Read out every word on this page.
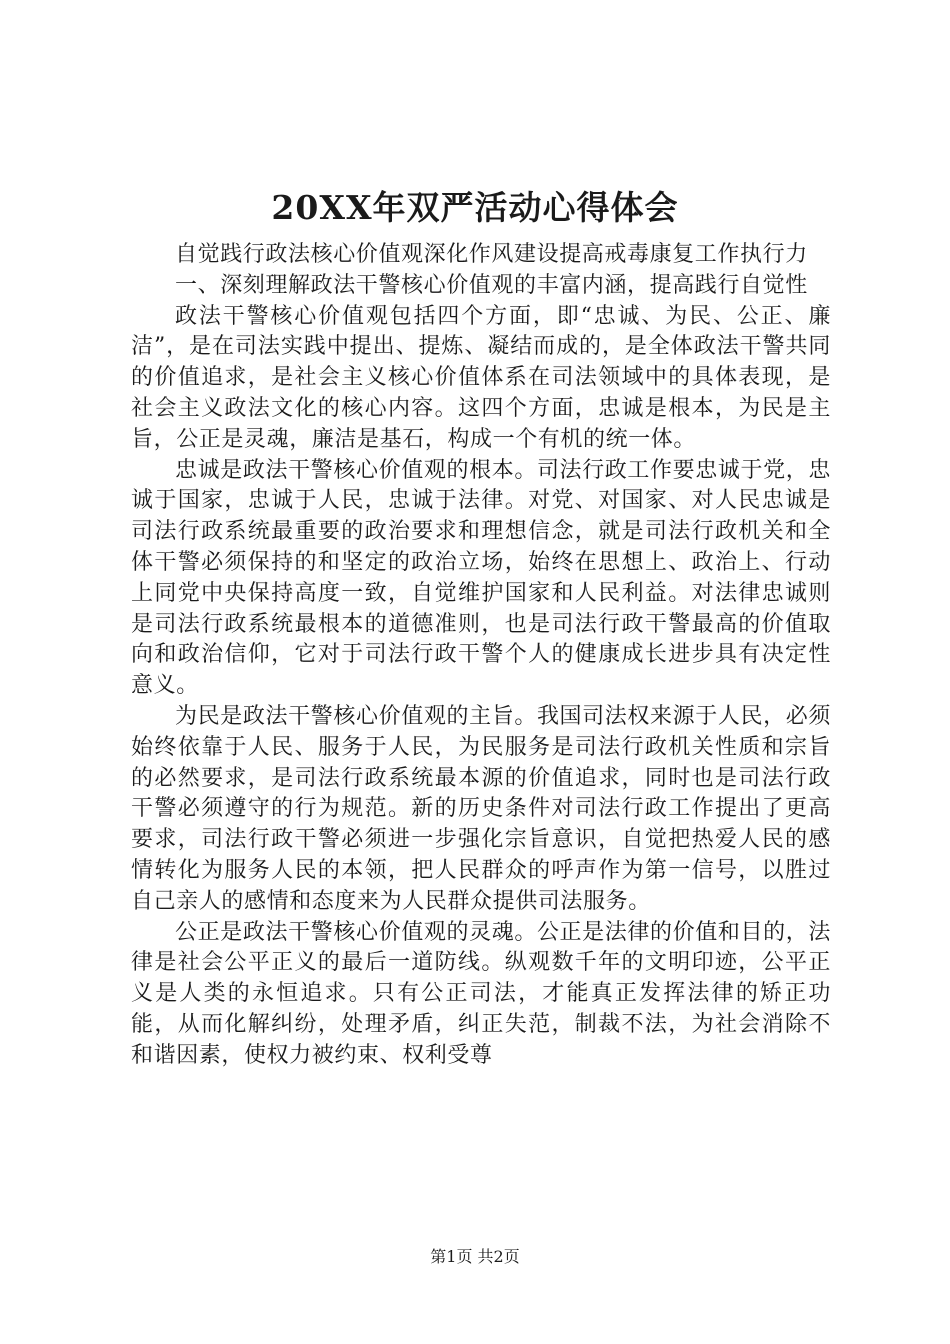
20XX年双严活动心得体会

自觉践行政法核心价值观深化作风建设提高戒毒康复工作执行力

一、深刻理解政法干警核心价值观的丰富内涵，提高践行自觉性

政法干警核心价值观包括四个方面，即“忠诚、为民、公正、廉洁”，是在司法实践中提出、提炼、凝结而成的，是全体政法干警共同的价值追求，是社会主义核心价值体系在司法领域中的具体表现，是社会主义政法文化的核心内容。这四个方面，忠诚是根本，为民是主旨，公正是灵魂，廉洁是基石，构成一个有机的统一体。

忠诚是政法干警核心价值观的根本。司法行政工作要忠诚于党，忠诚于国家，忠诚于人民，忠诚于法律。对党、对国家、对人民忠诚是司法行政系统最重要的政治要求和理想信念，就是司法行政机关和全体干警必须保持的和坚定的政治立场，始终在思想上、政治上、行动上同党中央保持高度一致，自觉维护国家和人民利益。对法律忠诚则是司法行政系统最根本的道德准则，也是司法行政干警最高的价值取向和政治信仰，它对于司法行政干警个人的健康成长进步具有决定性意义。

为民是政法干警核心价值观的主旨。我国司法权来源于人民，必须始终依靠于人民、服务于人民，为民服务是司法行政机关性质和宗旨的必然要求，是司法行政系统最本源的价值追求，同时也是司法行政干警必须遵守的行为规范。新的历史条件对司法行政工作提出了更高要求，司法行政干警必须进一步强化宗旨意识，自觉把热爱人民的感情转化为服务人民的本领，把人民群众的呼声作为第一信号，以胜过自己亲人的感情和态度来为人民群众提供司法服务。

公正是政法干警核心价值观的灵魂。公正是法律的价值和目的，法律是社会公平正义的最后一道防线。纵观数千年的文明印迹，公平正义是人类的永恒追求。只有公正司法，才能真正发挥法律的矫正功能，从而化解纠纷，处理矛盾，纠正失范，制裁不法，为社会消除不和谐因素，使权力被约束、权利受尊

第1页 共2页
